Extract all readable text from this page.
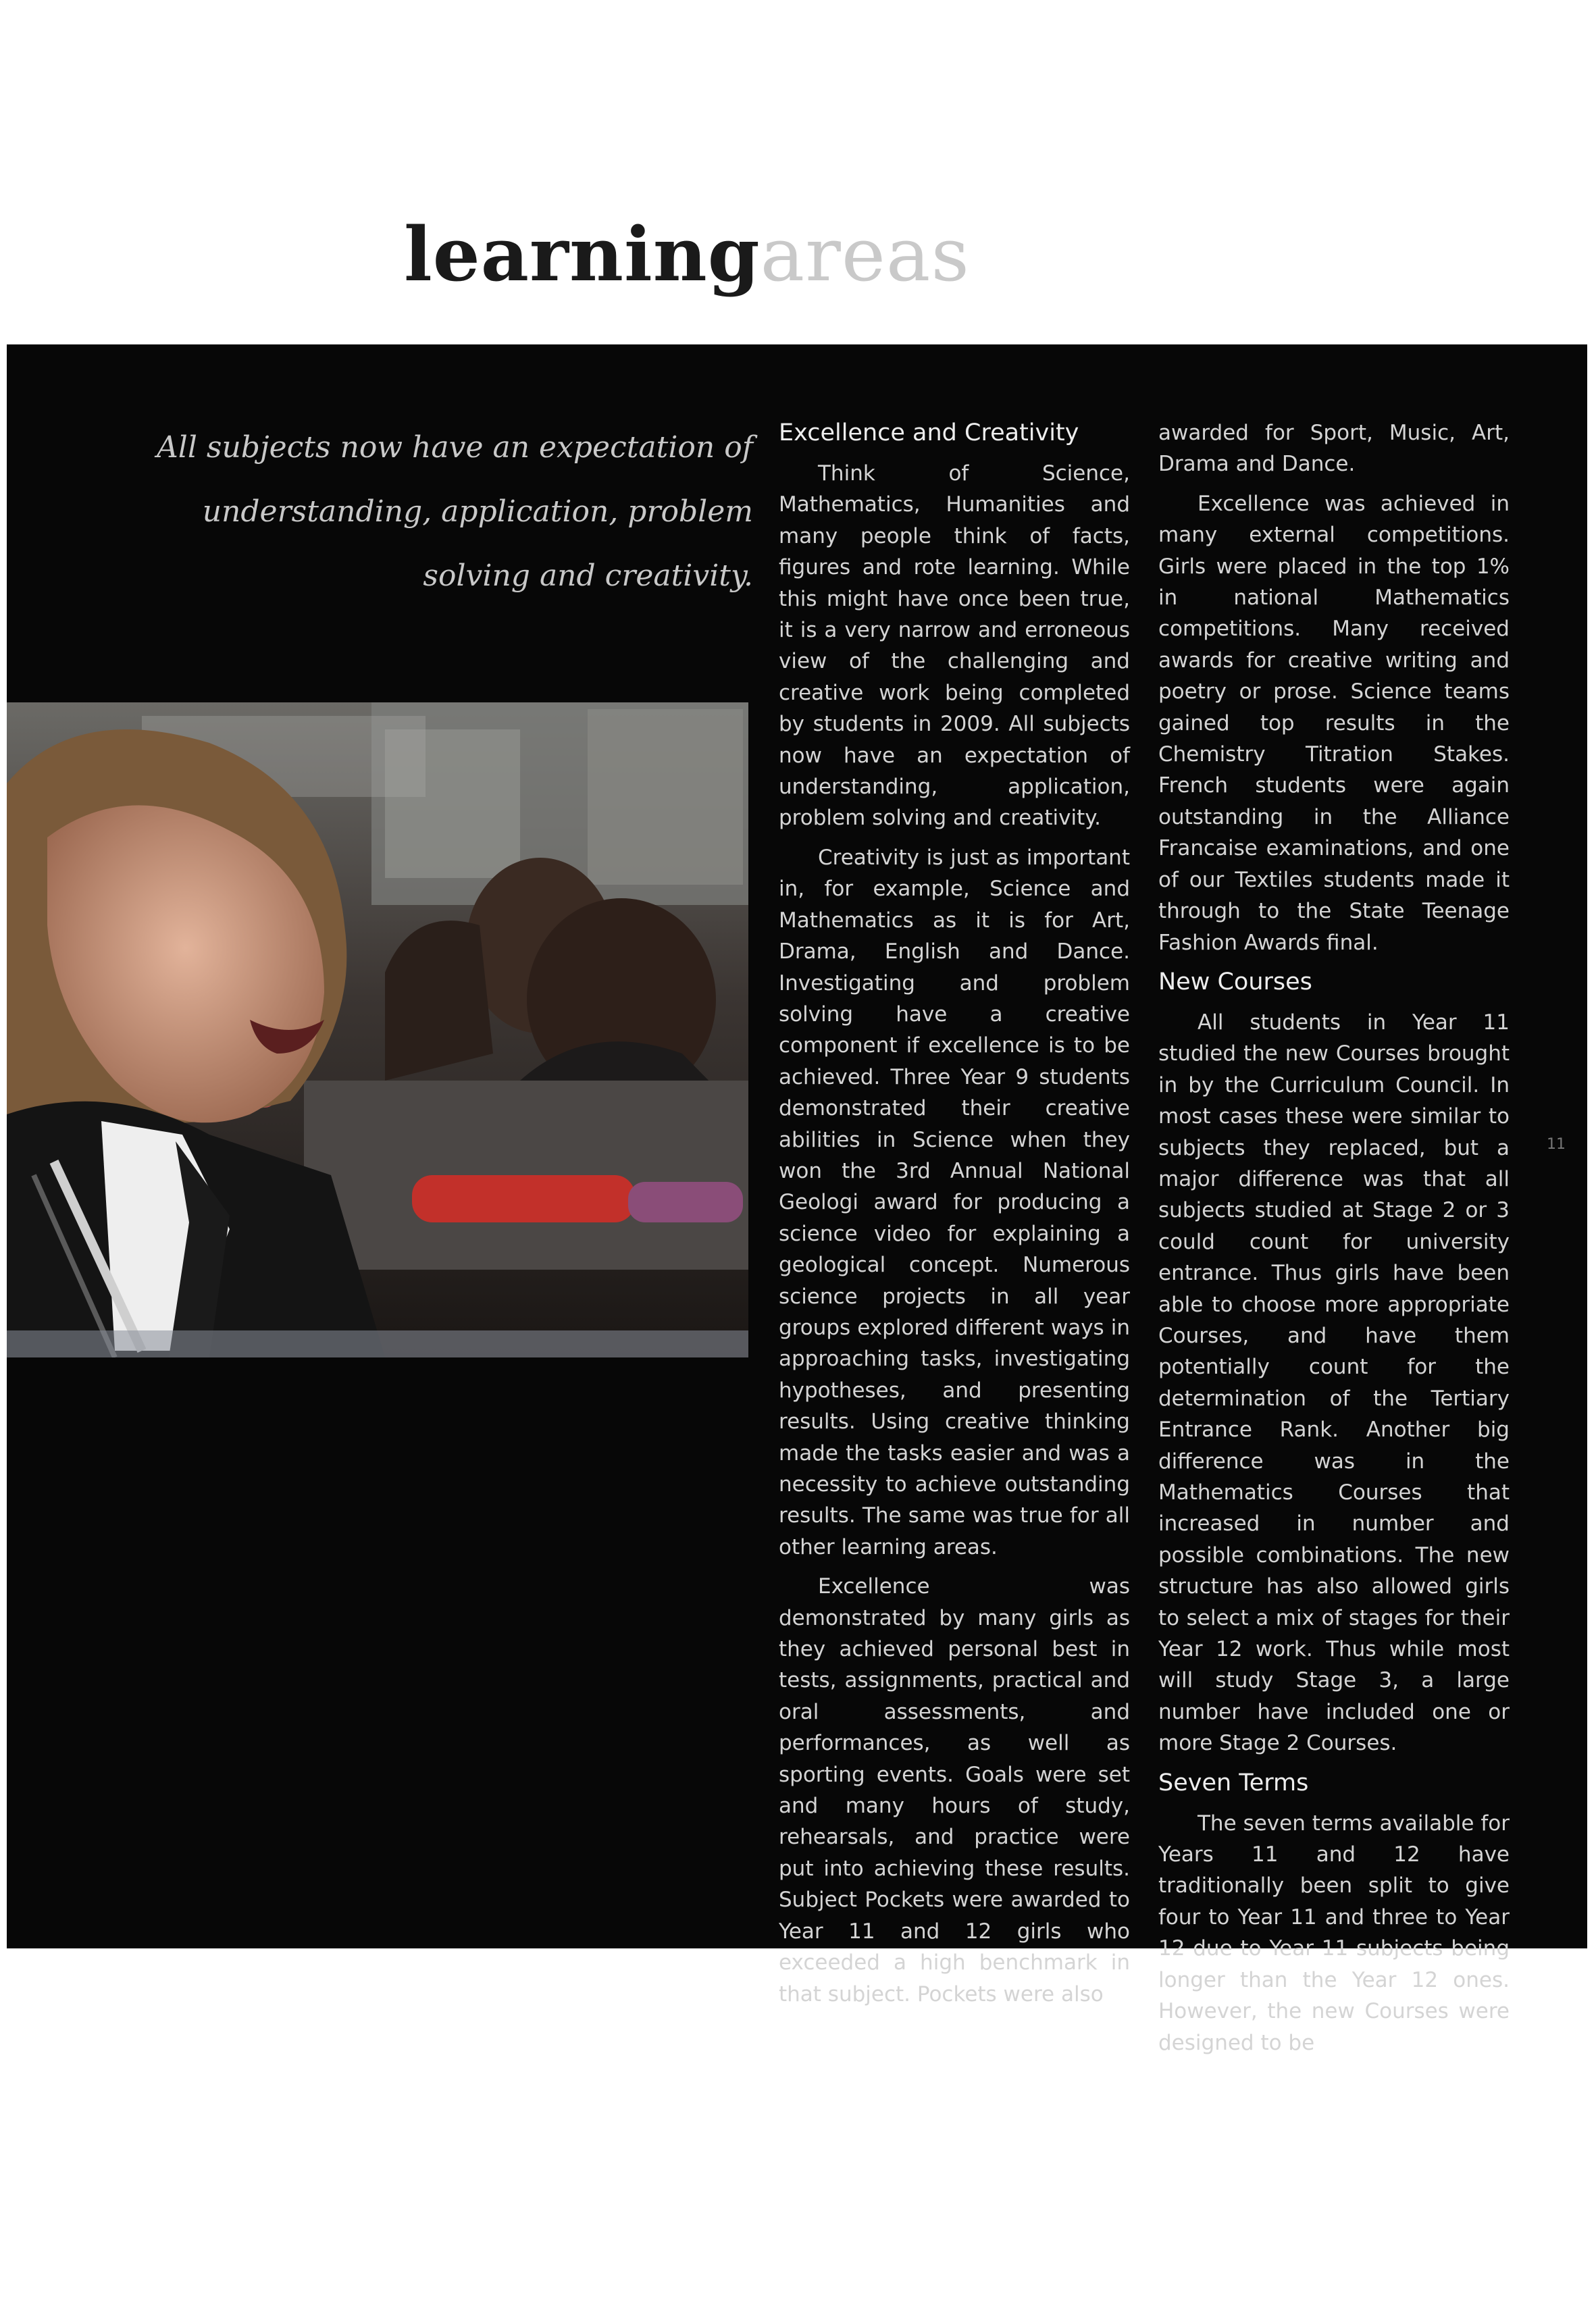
learningareas
All subjects now have an expectation of understanding, application, problem solving and creativity.
Excellence and Creativity

Think of Science, Mathematics, Humanities and many people think of facts, figures and rote learning. While this might have once been true, it is a very narrow and erroneous view of the challenging and creative work being completed by students in 2009. All subjects now have an expectation of understanding, application, problem solving and creativity.

Creativity is just as important in, for example, Science and Mathematics as it is for Art, Drama, English and Dance. Investigating and problem solving have a creative component if excellence is to be achieved. Three Year 9 students demonstrated their creative abilities in Science when they won the 3rd Annual National Geologi award for producing a science video for explaining a geological concept. Numerous science projects in all year groups explored different ways in approaching tasks, investigating hypotheses, and presenting results. Using creative thinking made the tasks easier and was a necessity to achieve outstanding results. The same was true for all other learning areas.

Excellence was demonstrated by many girls as they achieved personal best in tests, assignments, practical and oral assessments, and performances, as well as sporting events. Goals were set and many hours of study, rehearsals, and practice were put into achieving these results. Subject Pockets were awarded to Year 11 and 12 girls who exceeded a high benchmark in that subject. Pockets were also

awarded for Sport, Music, Art, Drama and Dance.

Excellence was achieved in many external competitions. Girls were placed in the top 1% in national Mathematics competitions. Many received awards for creative writing and poetry or prose. Science teams gained top results in the Chemistry Titration Stakes. French students were again outstanding in the Alliance Francaise examinations, and one of our Textiles students made it through to the State Teenage Fashion Awards final.

New Courses

All students in Year 11 studied the new Courses brought in by the Curriculum Council. In most cases these were similar to subjects they replaced, but a major difference was that all subjects studied at Stage 2 or 3 could count for university entrance. Thus girls have been able to choose more appropriate Courses, and have them potentially count for the determination of the Tertiary Entrance Rank. Another big difference was in the Mathematics Courses that increased in number and possible combinations. The new structure has also allowed girls to select a mix of stages for their Year 12 work. Thus while most will study Stage 3, a large number have included one or more Stage 2 Courses.

Seven Terms

The seven terms available for Years 11 and 12 have traditionally been split to give four to Year 11 and three to Year 12 due to Year 11 subjects being longer than the Year 12 ones. However, the new Courses were designed to be

11
